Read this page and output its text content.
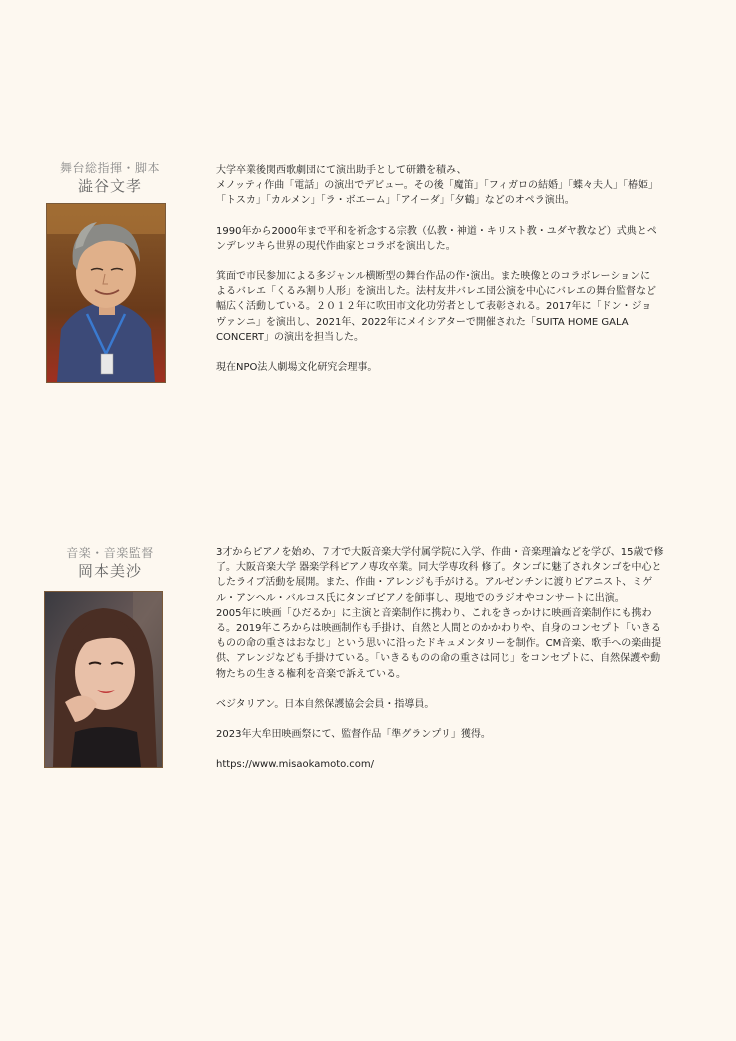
舞台総指揮・脚本
澁谷文孝

大学卒業後関西歌劇団にて演出助手として研鑽を積み、
メノッティ作曲「電話」の演出でデビュー。その後「魔笛」「フィガロの結婚」「蝶々夫人」「椿姫」
「トスカ」「カルメン」「ラ・ボエーム」「アイーダ」「夕鶴」などのオペラ演出。

1990年から2000年まで平和を祈念する宗教（仏教・神道・キリスト教・ユダヤ教など）式典とペ
ンデレツキら世界の現代作曲家とコラボを演出した。

箕面で市民参加による多ジャンル横断型の舞台作品の作･演出。また映像とのコラボレーションに
よるバレエ「くるみ割り人形」を演出した。法村友井バレエ団公演を中心にバレエの舞台監督など
幅広く活動している。２０１２年に吹田市文化功労者として表彰される。2017年に「ドン・ジョ
ヴァンニ」を演出し、2021年、2022年にメイシアターで開催された「SUITA HOME GALA
CONCERT」の演出を担当した。

現在NPO法人劇場文化研究会理事。

音楽・音楽監督
岡本美沙

3才からピアノを始め、７才で大阪音楽大学付属学院に入学、作曲・音楽理論などを学び、15歳で修
了。大阪音楽大学 器楽学科ピアノ専攻卒業。同大学専攻科 修了。タンゴに魅了されタンゴを中心と
したライブ活動を展開。また、作曲・アレンジも手がける。アルゼンチンに渡りピアニスト、ミゲ
ル・アンヘル・バルコス氏にタンゴピアノを師事し、現地でのラジオやコンサートに出演。
2005年に映画「ひだるか」に主演と音楽制作に携わり、これをきっかけに映画音楽制作にも携わ
る。2019年ころからは映画制作も手掛け、自然と人間とのかかわりや、自身のコンセプト「いきる
ものの命の重さはおなじ」という思いに沿ったドキュメンタリーを制作。CM音楽、歌手への楽曲提
供、アレンジなども手掛けている。「いきるものの命の重さは同じ」をコンセプトに、自然保護や動
物たちの生きる権利を音楽で訴えている。

ベジタリアン。日本自然保護協会会員・指導員。

2023年大牟田映画祭にて、監督作品「準グランプリ」獲得。

https://www.misaokamoto.com/
